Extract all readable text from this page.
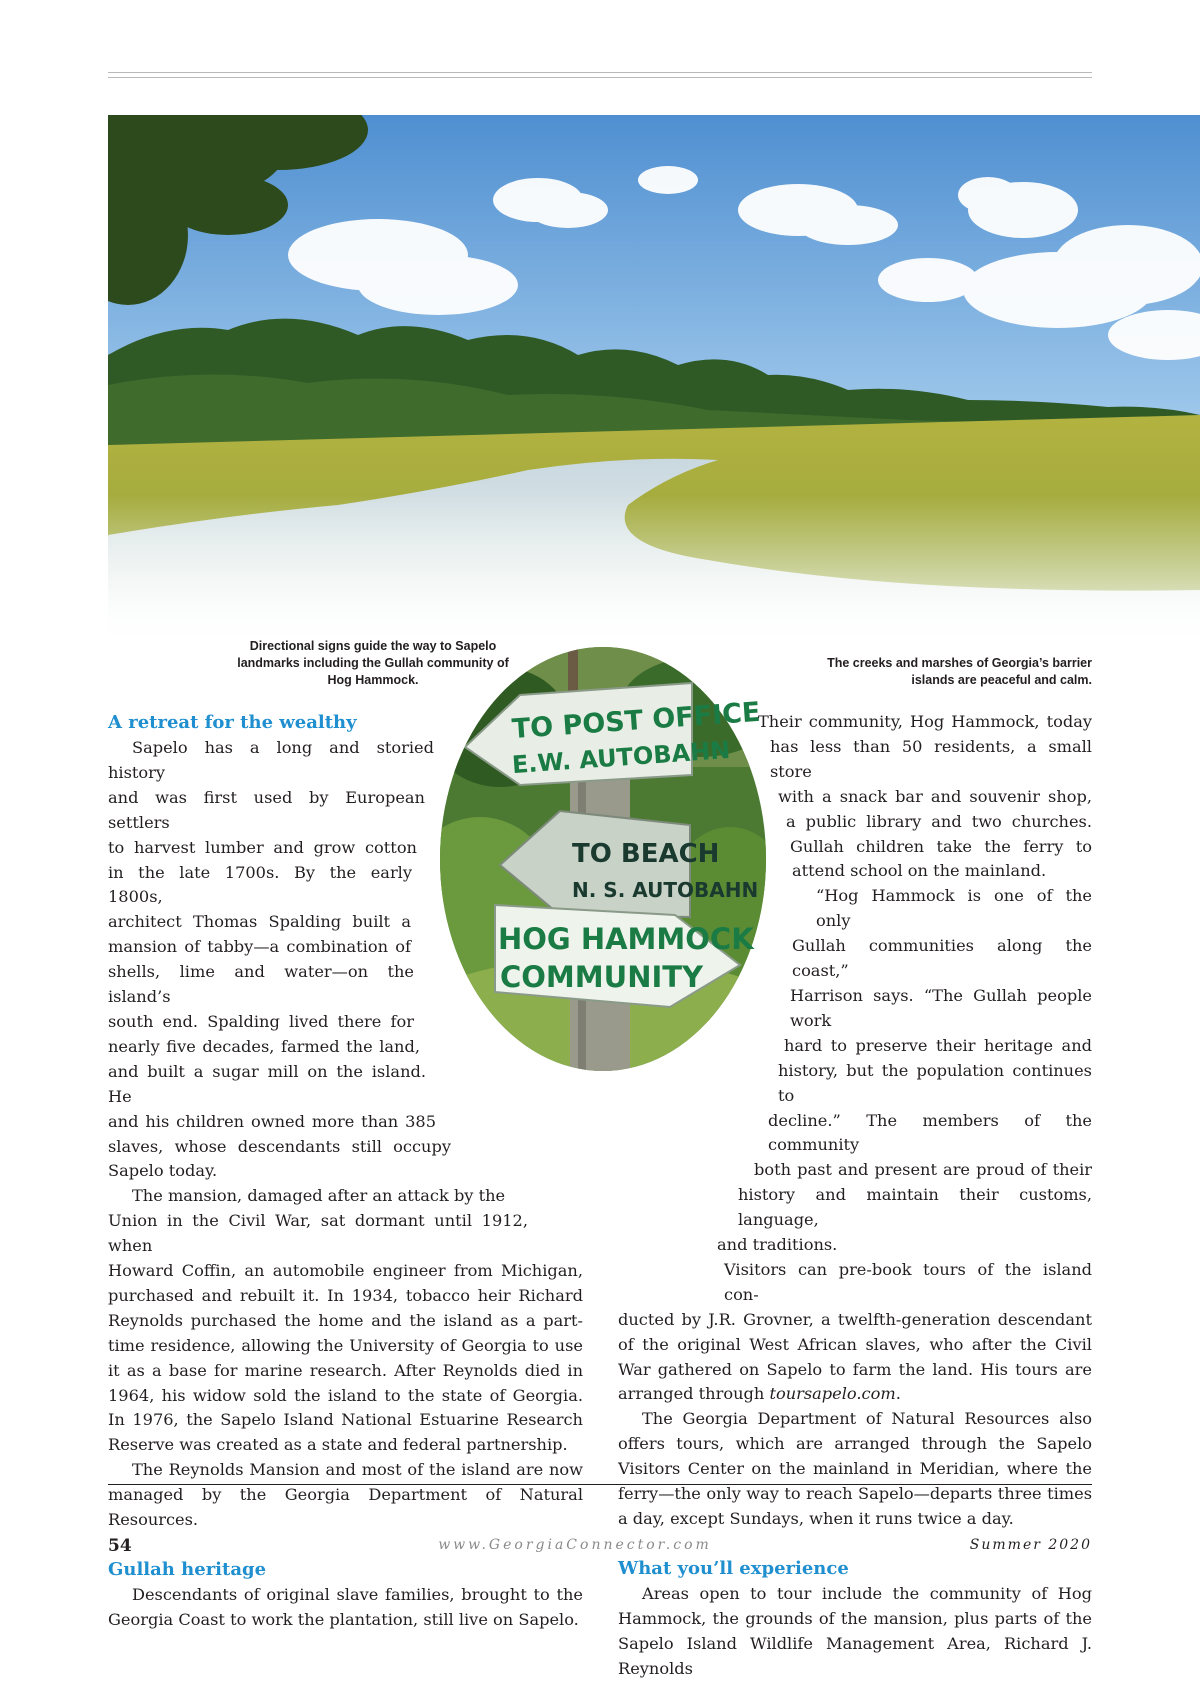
Directional signs guide the way to Sapelo landmarks including the Gullah community of Hog Hammock.
The creeks and marshes of Georgia’s barrier islands are peaceful and calm.
TO POST OFFICE
E.W. AUTOBAHN
TO BEACH
N. S. AUTOBAHN
HOG HAMMOCK
COMMUNITY
A retreat for the wealthy

Sapelo has a long and storied history

and was first used by European settlers

to harvest lumber and grow cotton

in the late 1700s. By the early 1800s,

architect Thomas Spalding built a

mansion of tabby—a combination of

shells, lime and water—on the island’s

south end. Spalding lived there for

nearly five decades, farmed the land,

and built a sugar mill on the island. He

and his children owned more than 385

slaves, whose descendants still occupy

Sapelo today.

The mansion, damaged after an attack by the

Union in the Civil War, sat dormant until 1912, when

Howard Coffin, an automobile engineer from Michigan, purchased and rebuilt it. In 1934, tobacco heir Richard Reynolds purchased the home and the island as a part-time residence, allowing the University of Georgia to use it as a base for marine research. After Reynolds died in 1964, his widow sold the island to the state of Georgia. In 1976, the Sapelo Island National Estuarine Research Reserve was created as a state and federal partnership.

The Reynolds Mansion and most of the island are now managed by the Georgia Department of Natural Resources.

Gullah heritage

Descendants of original slave families, brought to the Georgia Coast to work the plantation, still live on Sapelo.

Their community, Hog Hammock, today

has less than 50 residents, a small store

with a snack bar and souvenir shop,

a public library and two churches.

Gullah children take the ferry to

attend school on the mainland.

“Hog Hammock is one of the only

Gullah communities along the coast,”

Harrison says. “The Gullah people work

hard to preserve their heritage and

history, but the population continues to

decline.” The members of the community

both past and present are proud of their

history and maintain their customs, language,

and traditions.

Visitors can pre-book tours of the island con-

ducted by J.R. Grovner, a twelfth-generation descendant of the original West African slaves, who after the Civil War gathered on Sapelo to farm the land. His tours are arranged through toursapelo.com.

The Georgia Department of Natural Resources also offers tours, which are arranged through the Sapelo Visitors Center on the mainland in Meridian, where the ferry—the only way to reach Sapelo—departs three times a day, except Sundays, when it runs twice a day.

What you’ll experience

Areas open to tour include the community of Hog Hammock, the grounds of the mansion, plus parts of the Sapelo Island Wildlife Management Area, Richard J. Reynolds

54	www.GeorgiaConnector.com	Summer 2020
